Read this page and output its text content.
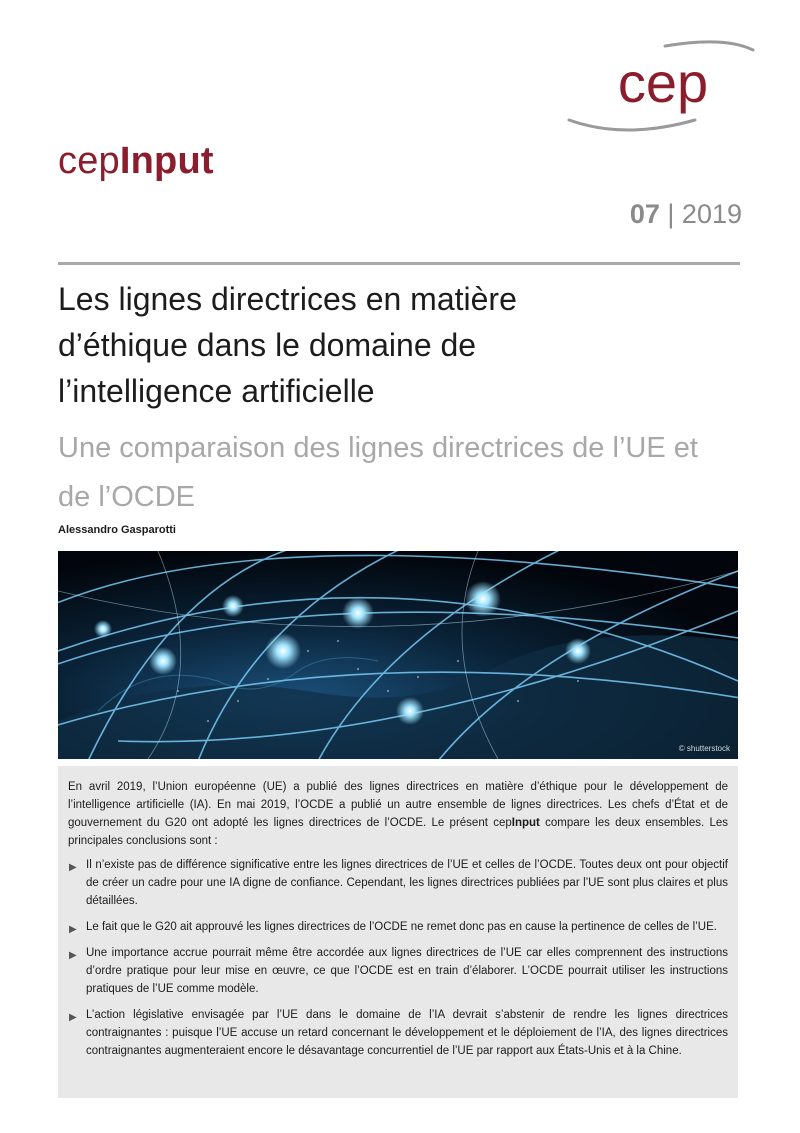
cep
cepInput
07 | 2019
Les lignes directrices en matière
d’éthique dans le domaine de
l’intelligence artificielle
Une comparaison des lignes directrices de l’UE et
de l’OCDE
Alessandro Gasparotti
© shutterstock

En avril 2019, l’Union européenne (UE) a publié des lignes directrices en matière d’éthique pour le développement de l’intelligence artificielle (IA). En mai 2019, l’OCDE a publié un autre ensemble de lignes directrices. Les chefs d’État et de gouvernement du G20 ont adopté les lignes directrices de l’OCDE. Le présent cepInput compare les deux ensembles. Les principales conclusions sont :

▶ Il n’existe pas de différence significative entre les lignes directrices de l’UE et celles de l’OCDE. Toutes deux ont pour objectif de créer un cadre pour une IA digne de confiance. Cependant, les lignes directrices publiées par l’UE sont plus claires et plus détaillées.
▶ Le fait que le G20 ait approuvé les lignes directrices de l’OCDE ne remet donc pas en cause la pertinence de celles de l’UE.
▶ Une importance accrue pourrait même être accordée aux lignes directrices de l’UE car elles comprennent des instructions d’ordre pratique pour leur mise en œuvre, ce que l’OCDE est en train d’élaborer. L’OCDE pourrait utiliser les instructions pratiques de l’UE comme modèle.
▶ L’action législative envisagée par l’UE dans le domaine de l’IA devrait s’abstenir de rendre les lignes directrices contraignantes : puisque l’UE accuse un retard concernant le développement et le déploiement de l’IA, des lignes directrices contraignantes augmenteraient encore le désavantage concurrentiel de l’UE par rapport aux États-Unis et à la Chine.
